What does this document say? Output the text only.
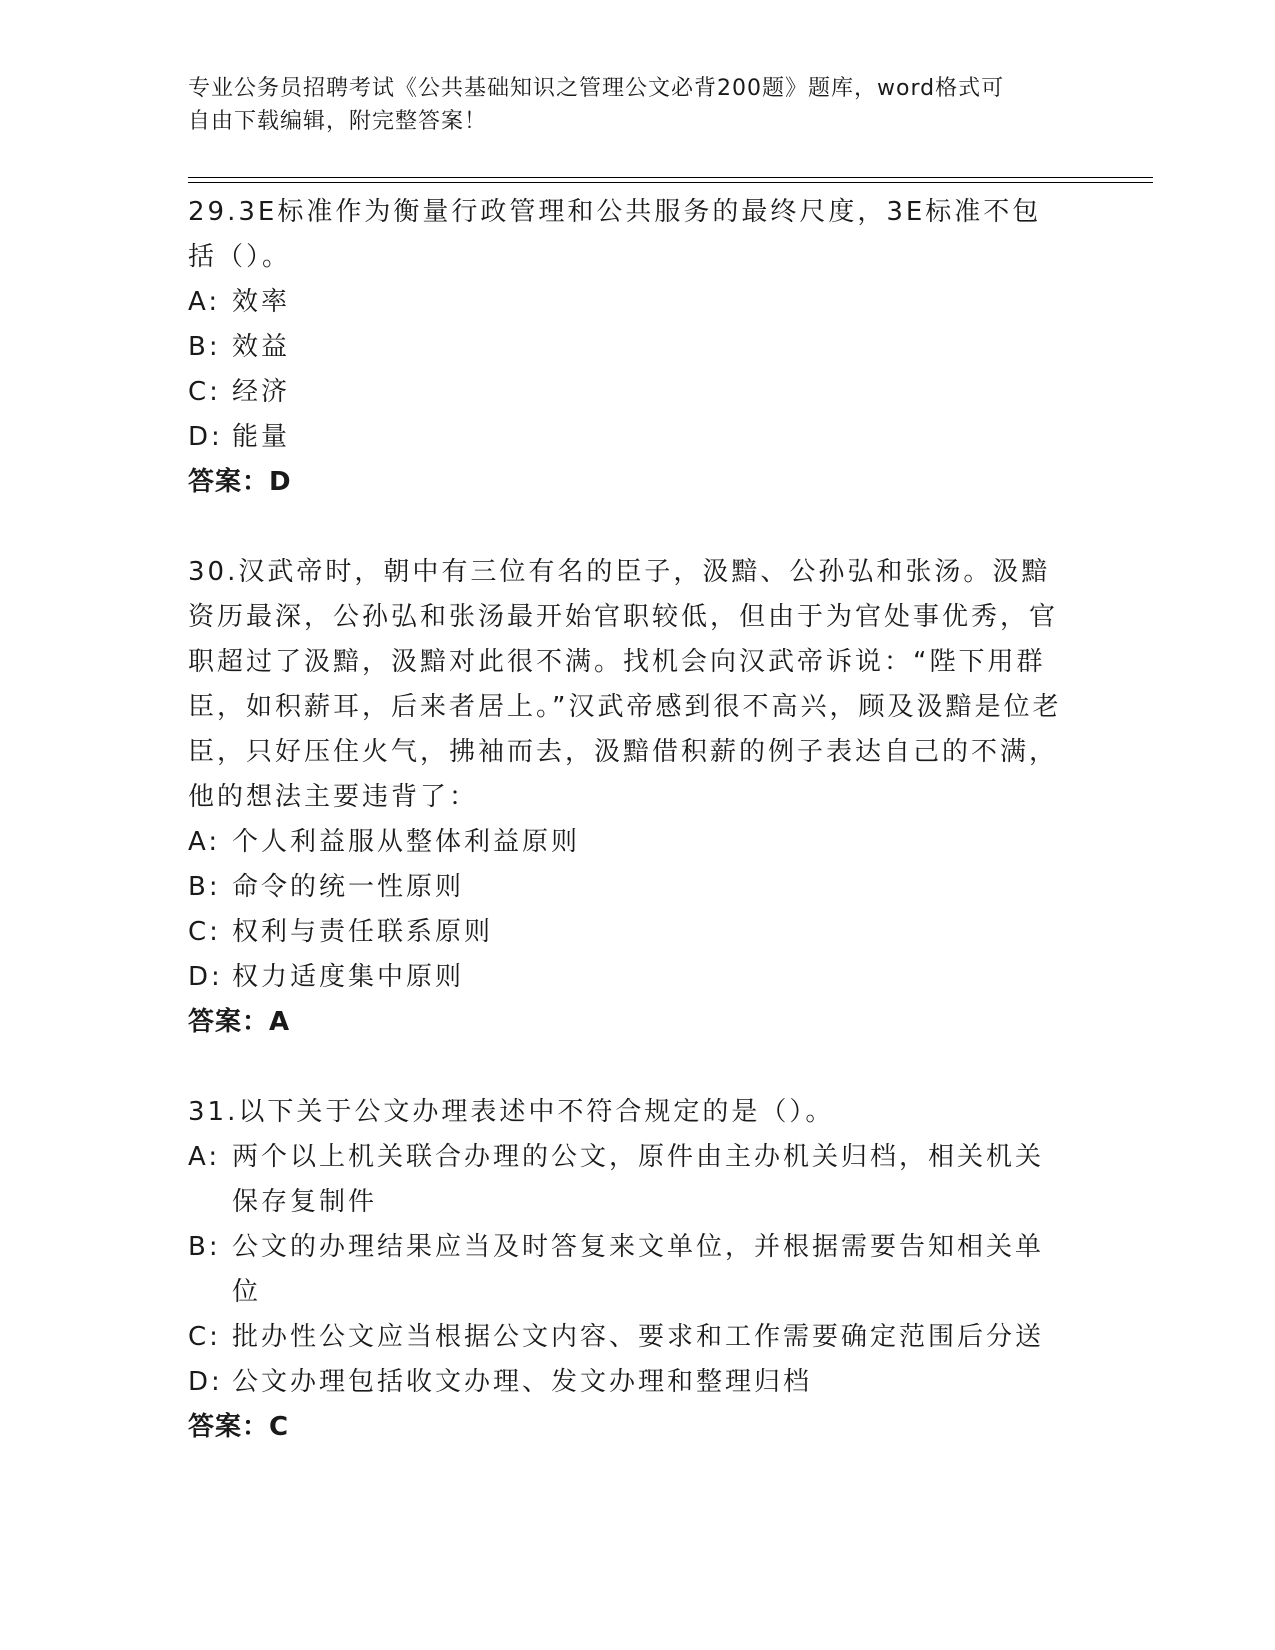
专业公务员招聘考试《公共基础知识之管理公文必背200题》题库，word格式可
自由下载编辑，附完整答案！
29.3E标准作为衡量行政管理和公共服务的最终尺度，3E标准不包括（）。
A: 效率
B: 效益
C: 经济
D: 能量
答案：D
30.汉武帝时，朝中有三位有名的臣子，汲黯、公孙弘和张汤。汲黯资历最深，公孙弘和张汤最开始官职较低，但由于为官处事优秀，官职超过了汲黯，汲黯对此很不满。找机会向汉武帝诉说：“陛下用群臣，如积薪耳，后来者居上。”汉武帝感到很不高兴，顾及汲黯是位老臣，只好压住火气，拂袖而去，汲黯借积薪的例子表达自己的不满，他的想法主要违背了：
A: 个人利益服从整体利益原则
B: 命令的统一性原则
C: 权利与责任联系原则
D: 权力适度集中原则
答案：A
31.以下关于公文办理表述中不符合规定的是（）。
A: 两个以上机关联合办理的公文，原件由主办机关归档，相关机关保存复制件
B: 公文的办理结果应当及时答复来文单位，并根据需要告知相关单位
C: 批办性公文应当根据公文内容、要求和工作需要确定范围后分送
D: 公文办理包括收文办理、发文办理和整理归档
答案：C
